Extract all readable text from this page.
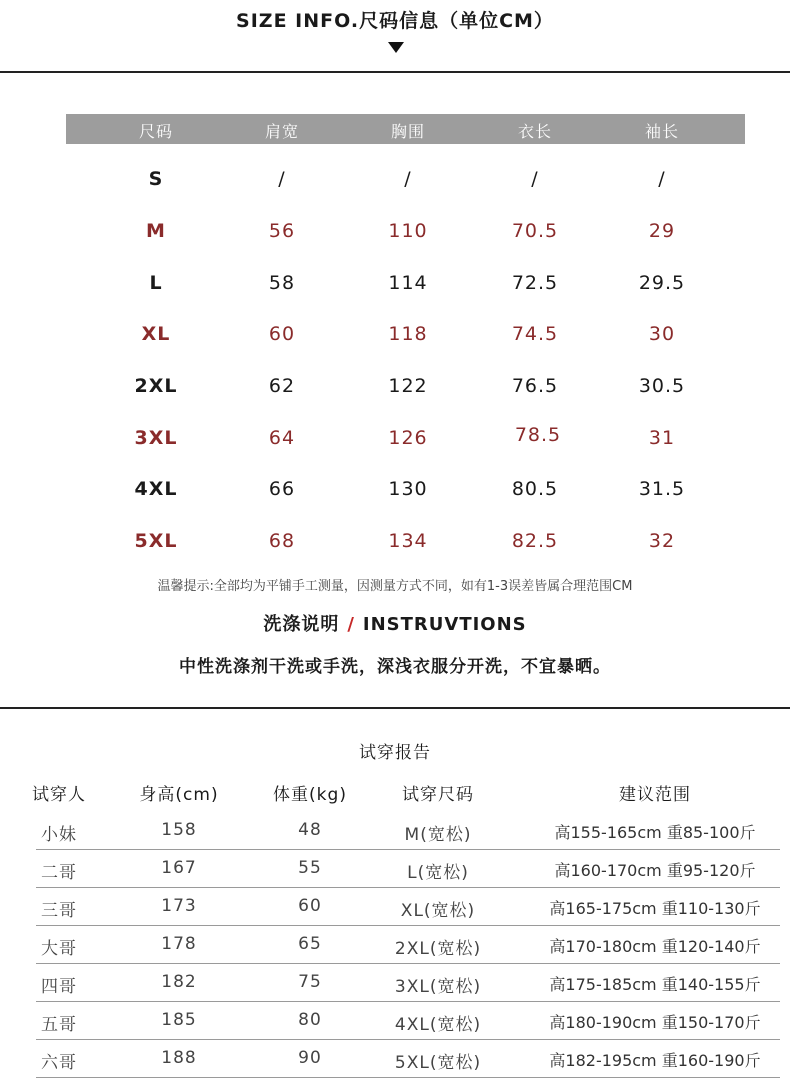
SIZE INFO.尺码信息（单位CM）
尺码	肩宽	胸围	衣长	袖长
S	/	/	/	/
M	56	110	70.5	29
L	58	114	72.5	29.5
XL	60	118	74.5	30
2XL	62	122	76.5	30.5
3XL	64	126	78.5	31
4XL	66	130	80.5	31.5
5XL	68	134	82.5	32
温馨提示:全部均为平铺手工测量，因测量方式不同，如有1-3误差皆属合理范围CM
洗涤说明 / INSTRUVTIONS
中性洗涤剂干洗或手洗，深浅衣服分开洗，不宜暴晒。
试穿报告
试穿人	身高(cm)	体重(kg)	试穿尺码	建议范围
小妹	158	48	M(宽松)	高155-165cm 重85-100斤
二哥	167	55	L(宽松)	高160-170cm 重95-120斤
三哥	173	60	XL(宽松)	高165-175cm 重110-130斤
大哥	178	65	2XL(宽松)	高170-180cm 重120-140斤
四哥	182	75	3XL(宽松)	高175-185cm 重140-155斤
五哥	185	80	4XL(宽松)	高180-190cm 重150-170斤
六哥	188	90	5XL(宽松)	高182-195cm 重160-190斤
